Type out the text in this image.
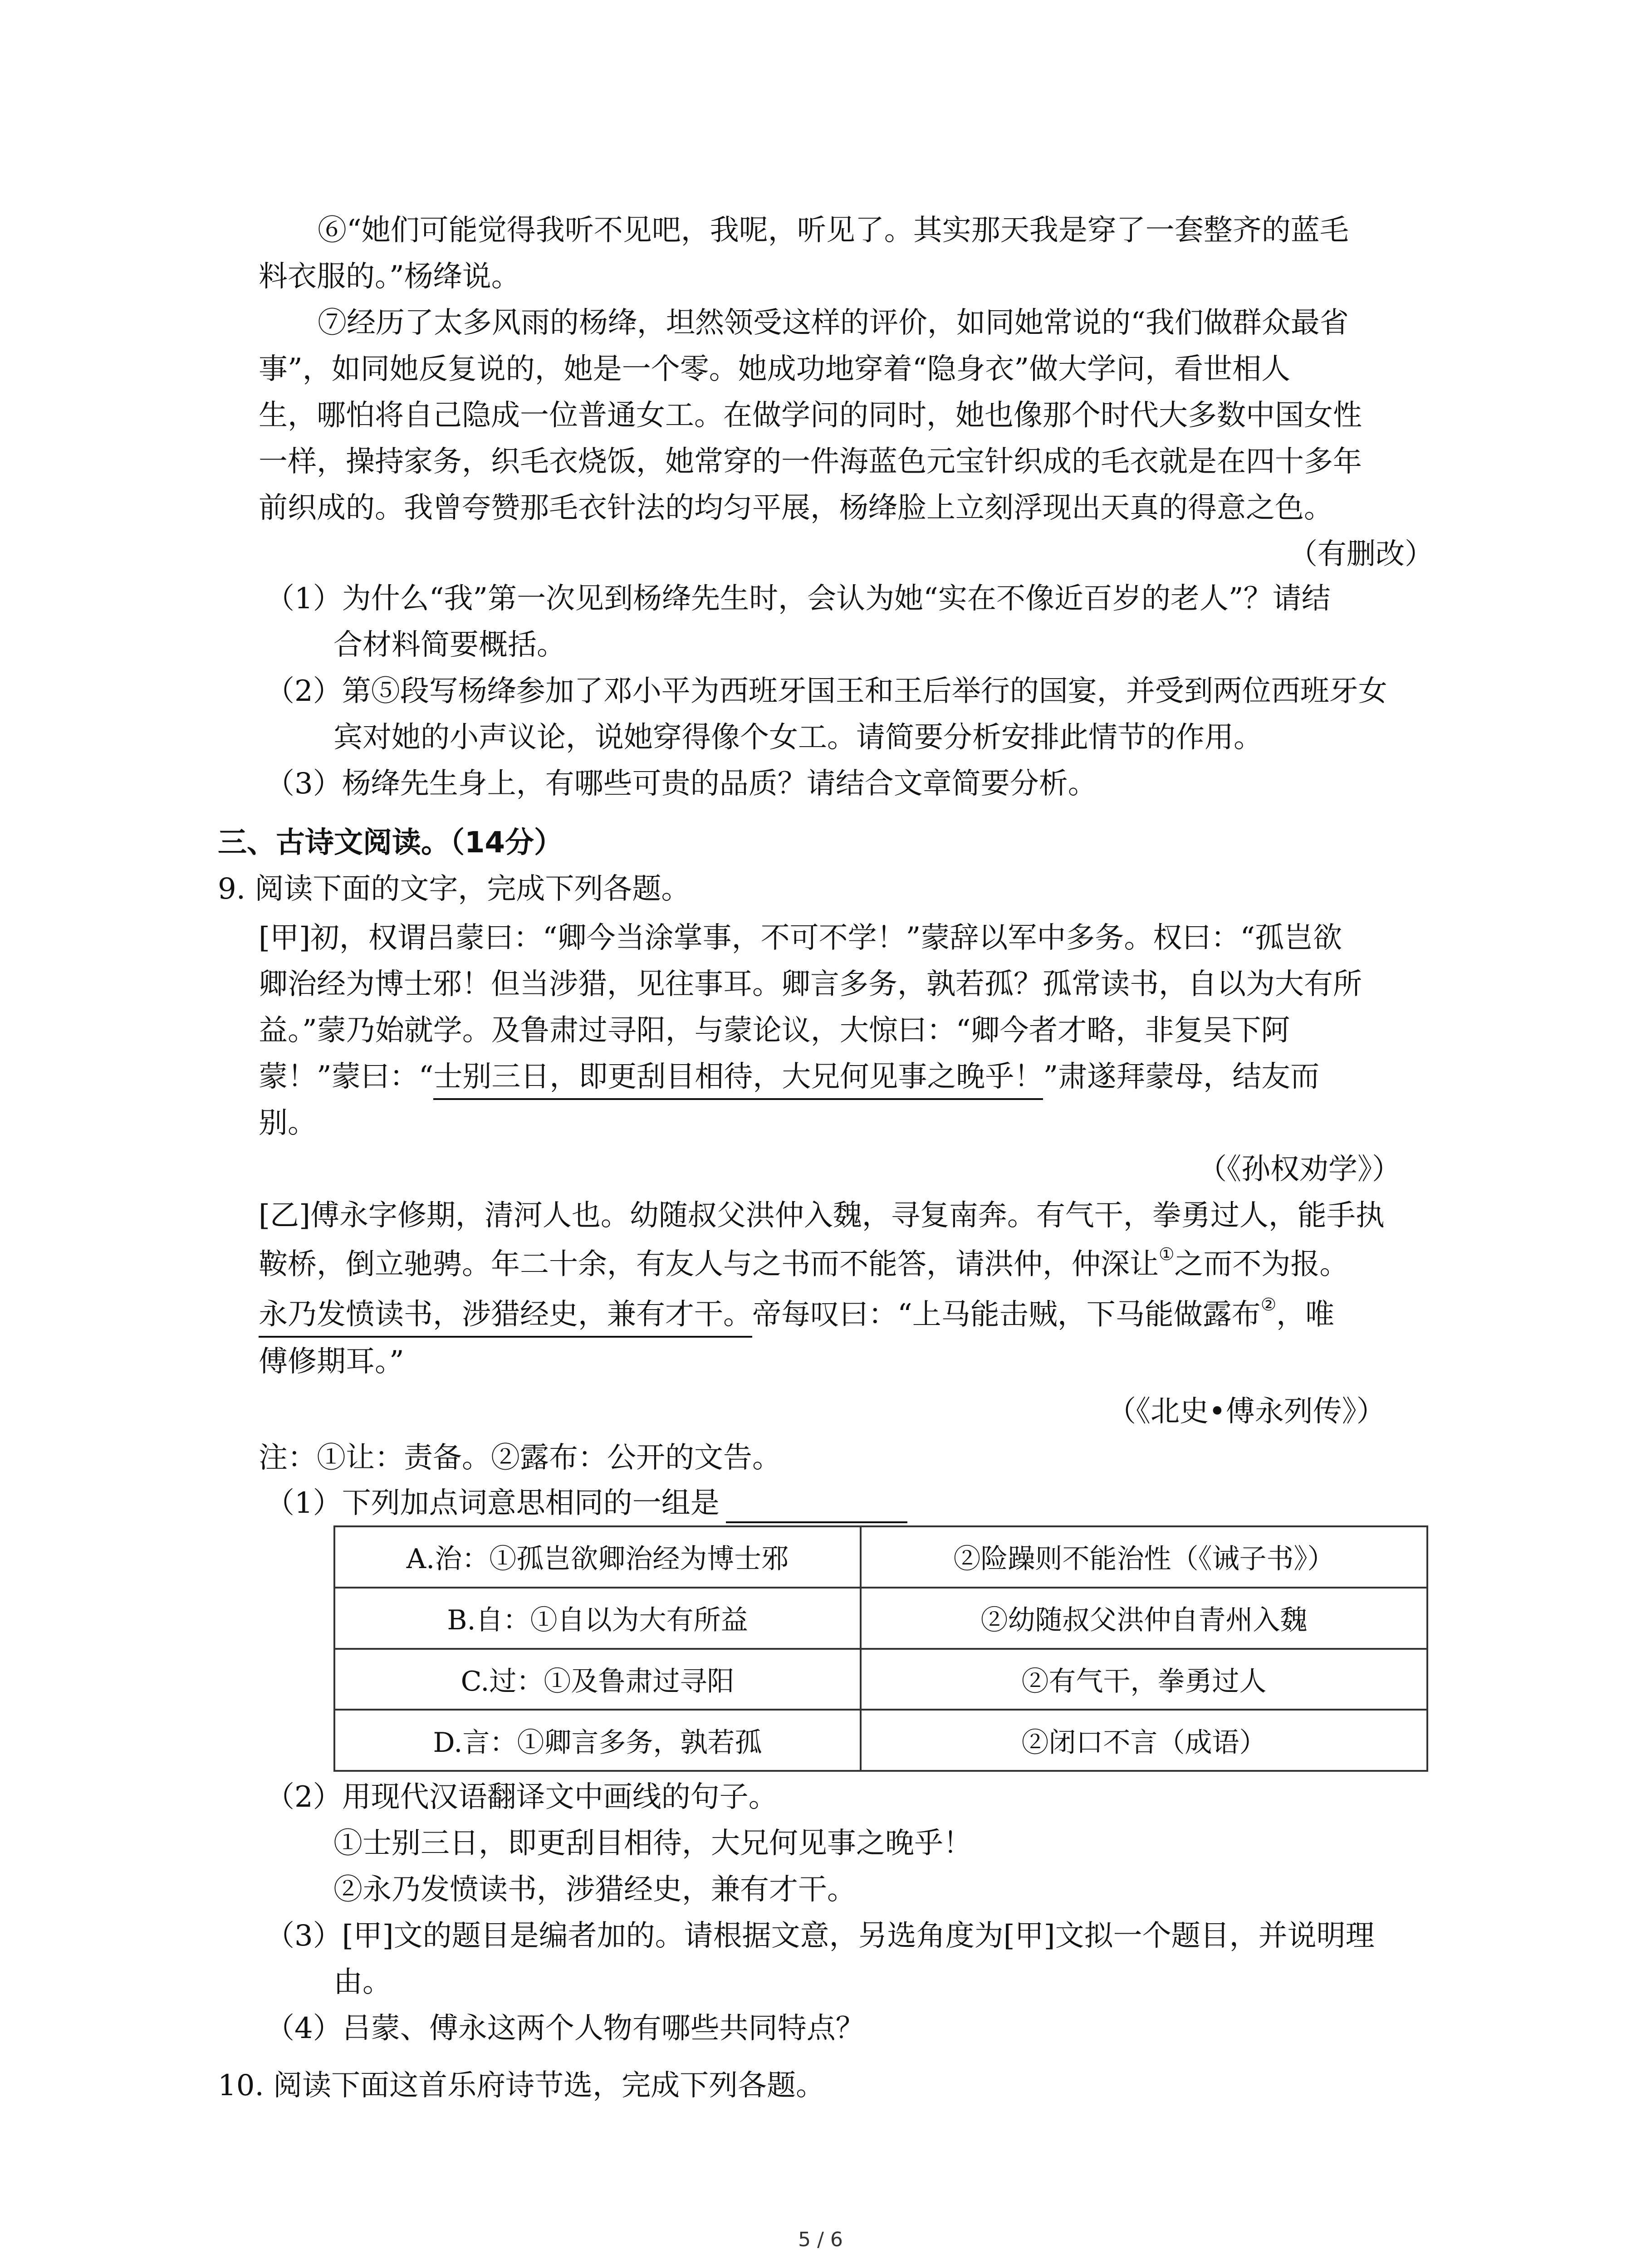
⑥“她们可能觉得我听不见吧，我呢，听见了。其实那天我是穿了一套整齐的蓝毛
料衣服的。”杨绛说。
⑦经历了太多风雨的杨绛，坦然领受这样的评价，如同她常说的“我们做群众最省
事”，如同她反复说的，她是一个零。她成功地穿着“隐身衣”做大学问，看世相人
生，哪怕将自己隐成一位普通女工。在做学问的同时，她也像那个时代大多数中国女性
一样，操持家务，织毛衣烧饭，她常穿的一件海蓝色元宝针织成的毛衣就是在四十多年
前织成的。我曾夸赞那毛衣针法的均匀平展，杨绛脸上立刻浮现出天真的得意之色。
（有删改）
（1）为什么“我”第一次见到杨绛先生时，会认为她“实在不像近百岁的老人”？请结
合材料简要概括。
（2）第⑤段写杨绛参加了邓小平为西班牙国王和王后举行的国宴，并受到两位西班牙女
宾对她的小声议论，说她穿得像个女工。请简要分析安排此情节的作用。
（3）杨绛先生身上，有哪些可贵的品质？请结合文章简要分析。
三、古诗文阅读。（14分）
9. 阅读下面的文字，完成下列各题。
[甲]初，权谓吕蒙曰：“卿今当涂掌事，不可不学！”蒙辞以军中多务。权曰：“孤岂欲
卿治经为博士邪！但当涉猎，见往事耳。卿言多务，孰若孤？孤常读书，自以为大有所
益。”蒙乃始就学。及鲁肃过寻阳，与蒙论议，大惊曰：“卿今者才略，非复吴下阿
蒙！”蒙曰：“士别三日，即更刮目相待，大兄何见事之晚乎！”肃遂拜蒙母，结友而
别。
（《孙权劝学》）
[乙]傅永字修期，清河人也。幼随叔父洪仲入魏，寻复南奔。有气干，拳勇过人，能手执
鞍桥，倒立驰骋。年二十余，有友人与之书而不能答，请洪仲，仲深让①之而不为报。
永乃发愤读书，涉猎经史，兼有才干。帝每叹曰：“上马能击贼，下马能做露布②，唯
傅修期耳。”
（《北史•傅永列传》）
注：①让：责备。②露布：公开的文告。
（1）下列加点词意思相同的一组是
A.治：①孤岂欲卿治经为博士邪	②险躁则不能治性（《诫子书》）
B.自：①自以为大有所益	②幼随叔父洪仲自青州入魏
C.过：①及鲁肃过寻阳	②有气干，拳勇过人
D.言：①卿言多务，孰若孤	②闭口不言（成语）
（2）用现代汉语翻译文中画线的句子。
①士别三日，即更刮目相待，大兄何见事之晚乎！
②永乃发愤读书，涉猎经史，兼有才干。
（3）[甲]文的题目是编者加的。请根据文意，另选角度为[甲]文拟一个题目，并说明理
由。
（4）吕蒙、傅永这两个人物有哪些共同特点？
10. 阅读下面这首乐府诗节选，完成下列各题。
5 / 6
